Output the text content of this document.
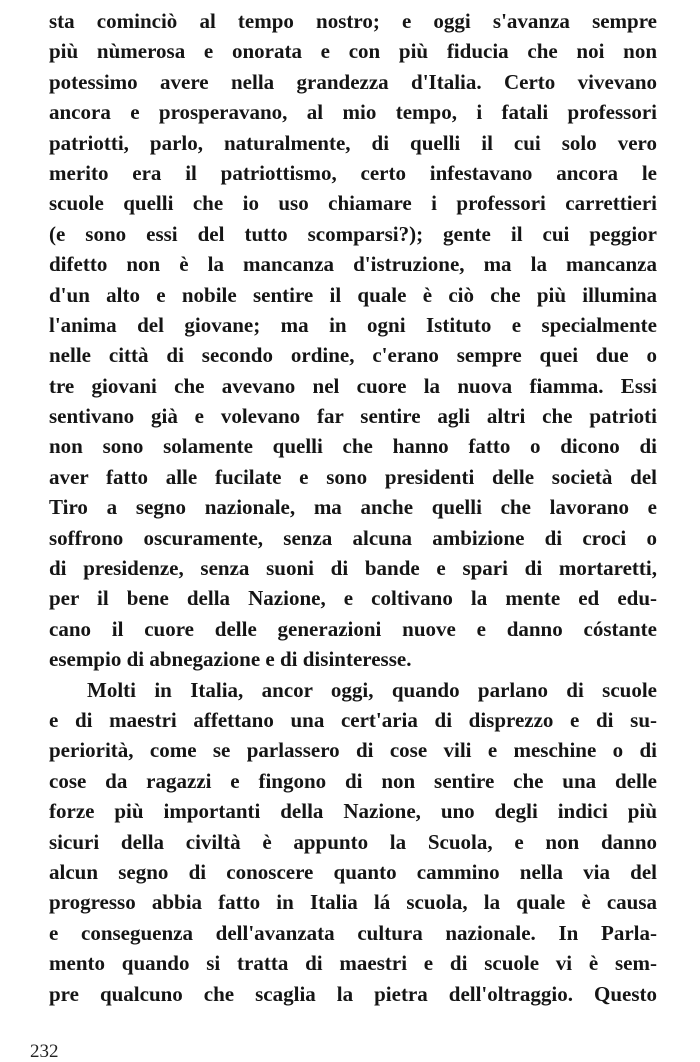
sta cominciò al tempo nostro; e oggi s'avanza sempre
più nùmerosa e onorata e con più fiducia che noi non
potessimo avere nella grandezza d'Italia. Certo vivevano
ancora e prosperavano, al mio tempo, i fatali professori
patriotti, parlo, naturalmente, di quelli il cui solo vero
merito era il patriottismo, certo infestavano ancora le
scuole quelli che io uso chiamare i professori carrettieri
(e sono essi del tutto scomparsi?); gente il cui peggior
difetto non è la mancanza d'istruzione, ma la mancanza
d'un alto e nobile sentire il quale è ciò che più illumina
l'anima del giovane; ma in ogni Istituto e specialmente
nelle città di secondo ordine, c'erano sempre quei due o
tre giovani che avevano nel cuore la nuova fiamma. Essi
sentivano già e volevano far sentire agli altri che patrioti
non sono solamente quelli che hanno fatto o dicono di
aver fatto alle fucilate e sono presidenti delle società del
Tiro a segno nazionale, ma anche quelli che lavorano e
soffrono oscuramente, senza alcuna ambizione di croci o
di presidenze, senza suoni di bande e spari di mortaretti,
per il bene della Nazione, e coltivano la mente ed edu-
cano il cuore delle generazioni nuove e danno cóstante
esempio di abnegazione e di disinteresse.
Molti in Italia, ancor oggi, quando parlano di scuole
e di maestri affettano una cert'aria di disprezzo e di su-
periorità, come se parlassero di cose vili e meschine o di
cose da ragazzi e fingono di non sentire che una delle
forze più importanti della Nazione, uno degli indici più
sicuri della civiltà è appunto la Scuola, e non danno
alcun segno di conoscere quanto cammino nella via del
progresso abbia fatto in Italia lá scuola, la quale è causa
e conseguenza dell'avanzata cultura nazionale. In Parla-
mento quando si tratta di maestri e di scuole vi è sem-
pre qualcuno che scaglia la pietra dell'oltraggio. Questo
232
